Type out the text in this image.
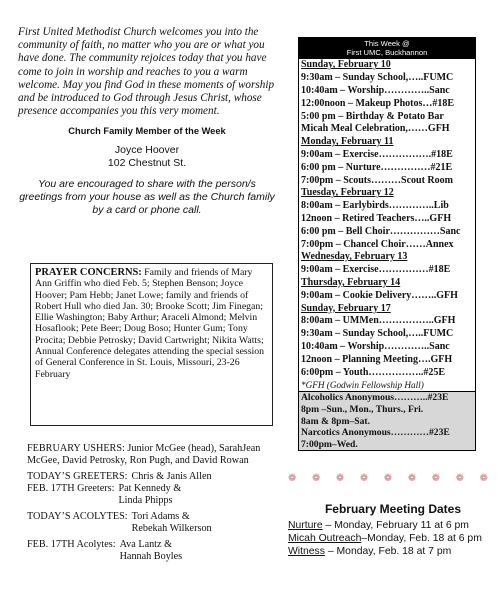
First United Methodist Church welcomes you into the community of faith, no matter who you are or what you have done. The community rejoices today that you have come to join in worship and reaches to you a warm welcome. May you find God in these moments of worship and be introduced to God through Jesus Christ, whose presence accompanies you this very moment.

Church Family Member of the Week
Joyce Hoover
102 Chestnut St.

You are encouraged to share with the person/s greetings from your house as well as the Church family by a card or phone call.

PRAYER CONCERNS: Family and friends of Mary Ann Griffin who died Feb. 5; Stephen Benson; Joyce Hoover; Pam Hebb; Janet Lowe; family and friends of Robert Hull who died Jan. 30; Brooke Scott; Jim Finegan; Ellie Washington; Baby Arthur; Araceli Almond; Melvin Hosaflook; Pete Beer; Doug Boso; Hunter Gum; Tony Procita; Debbie Petrosky; David Cartwright; Nikita Watts; Annual Conference delegates attending the special session of General Conference in St. Louis, Missouri, 23-26 February
FEBRUARY USHERS: Junior McGee (head), SarahJean McGee, David Petrosky, Ron Pugh, and David Rowan
TODAY’S GREETERS: Chris & Janis Allen
FEB. 17TH Greeters: Pat Kennedy &
Linda Phipps
TODAY’S ACOLYTES: Tori Adams &
Rebekah Wilkerson
FEB. 17TH Acolytes: Ava Lantz &
Hannah Boyles
This Week @
First UMC, Buckhannon
Sunday, February 10
9:30am – Sunday School,…..FUMC
10:40am – Worship…………..Sanc
12:00noon – Makeup Photos…#18E
5:00 pm – Birthday & Potato Bar
Micah Meal Celebration,……GFH
Monday, February 11
9:00am – Exercise…………….#18E
6:00 pm – Nurture……………#21E
7:00pm – Scouts………Scout Room
Tuesday, February 12
8:00am – Earlybirds…………..Lib
12noon – Retired Teachers…..GFH
6:00 pm – Bell Choir……………Sanc
7:00pm – Chancel Choir……Annex
Wednesday, February 13
9:00am – Exercise……………#18E
Thursday, February 14
9:00am – Cookie Delivery……..GFH
Sunday, February 17
8:00am – UMMen……………..GFH
9:30am – Sunday School,…..FUMC
10:40am – Worship…………..Sanc
12noon – Planning Meeting….GFH
6:00pm – Youth……………..#25E
*GFH (Godwin Fellowship Hall)
Alcoholics Anonymous………..#23E
8pm –Sun., Mon., Thurs., Fri.
8am & 8pm–Sat.
Narcotics Anonymous…………#23E
7:00pm–Wed.
❁ ❁ ❁ ❁ ❁ ❁ ❁ ❁ ❁
February Meeting Dates
Nurture – Monday, February 11 at 6 pm
Micah Outreach–Monday, Feb. 18 at 6 pm
Witness – Monday, Feb. 18 at 7 pm
